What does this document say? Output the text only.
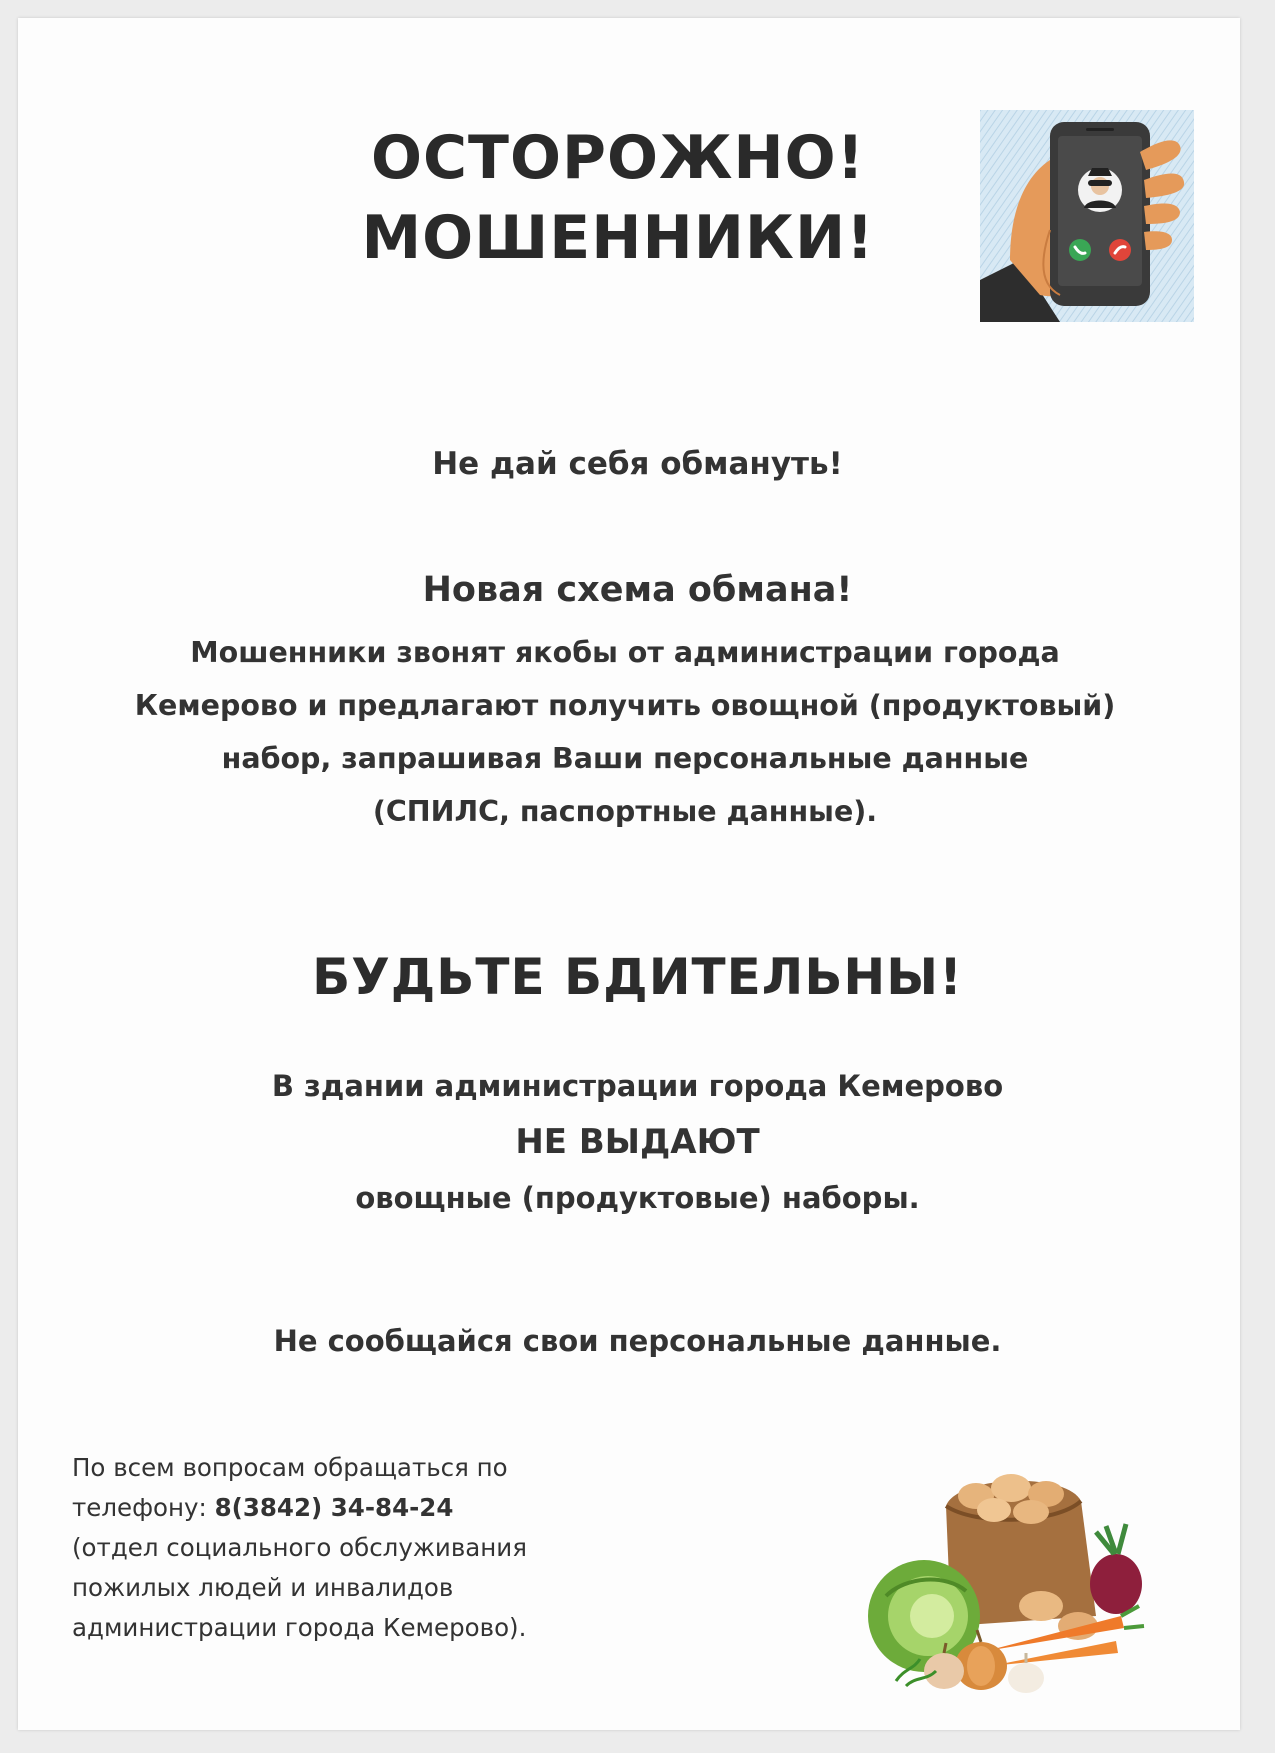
ОСТОРОЖНО!
МОШЕННИКИ!
Не дай себя обмануть!
Новая схема обмана!
Мошенники звонят якобы от администрации города
Кемерово и предлагают получить овощной (продуктовый)
набор, запрашивая Ваши персональные данные
(СПИЛС, паспортные данные).
БУДЬТЕ БДИТЕЛЬНЫ!
В здании администрации города Кемерово
НЕ ВЫДАЮТ
овощные (продуктовые) наборы.
Не сообщайся свои персональные данные.
По всем вопросам обращаться по
телефону: 8(3842) 34-84-24
(отдел социального обслуживания
пожилых людей и инвалидов
администрации города Кемерово).
